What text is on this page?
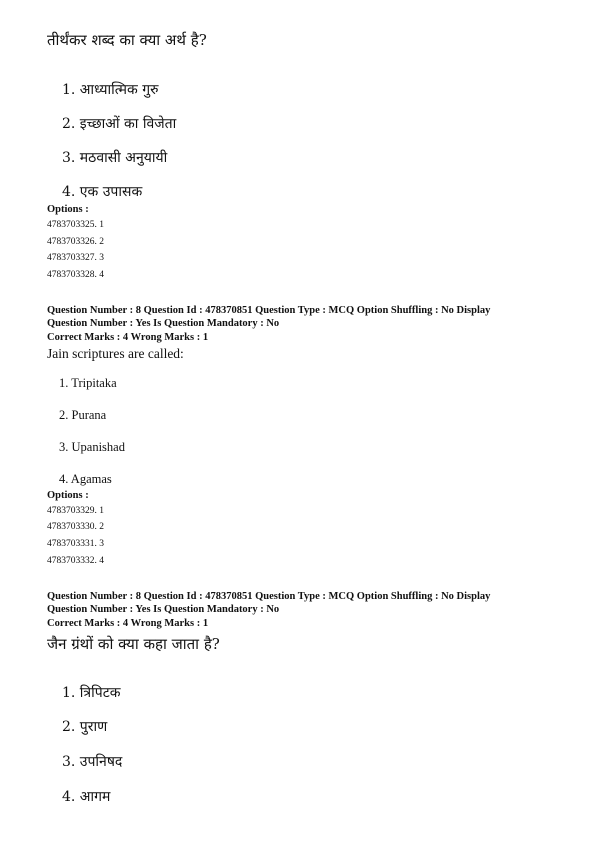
तीर्थंकर शब्द का क्या अर्थ है?
1. आध्यात्मिक गुरु
2. इच्छाओं का विजेता
3. मठवासी अनुयायी
4. एक उपासक
Options :
4783703325. 1
4783703326. 2
4783703327. 3
4783703328. 4
Question Number : 8 Question Id : 478370851 Question Type : MCQ Option Shuffling : No Display
Question Number : Yes Is Question Mandatory : No
Correct Marks : 4 Wrong Marks : 1
Jain scriptures are called:
1. Tripitaka
2. Purana
3. Upanishad
4. Agamas
Options :
4783703329. 1
4783703330. 2
4783703331. 3
4783703332. 4
Question Number : 8 Question Id : 478370851 Question Type : MCQ Option Shuffling : No Display
Question Number : Yes Is Question Mandatory : No
Correct Marks : 4 Wrong Marks : 1
जैन ग्रंथों को क्या कहा जाता है?
1. त्रिपिटक
2. पुराण
3. उपनिषद
4. आगम
